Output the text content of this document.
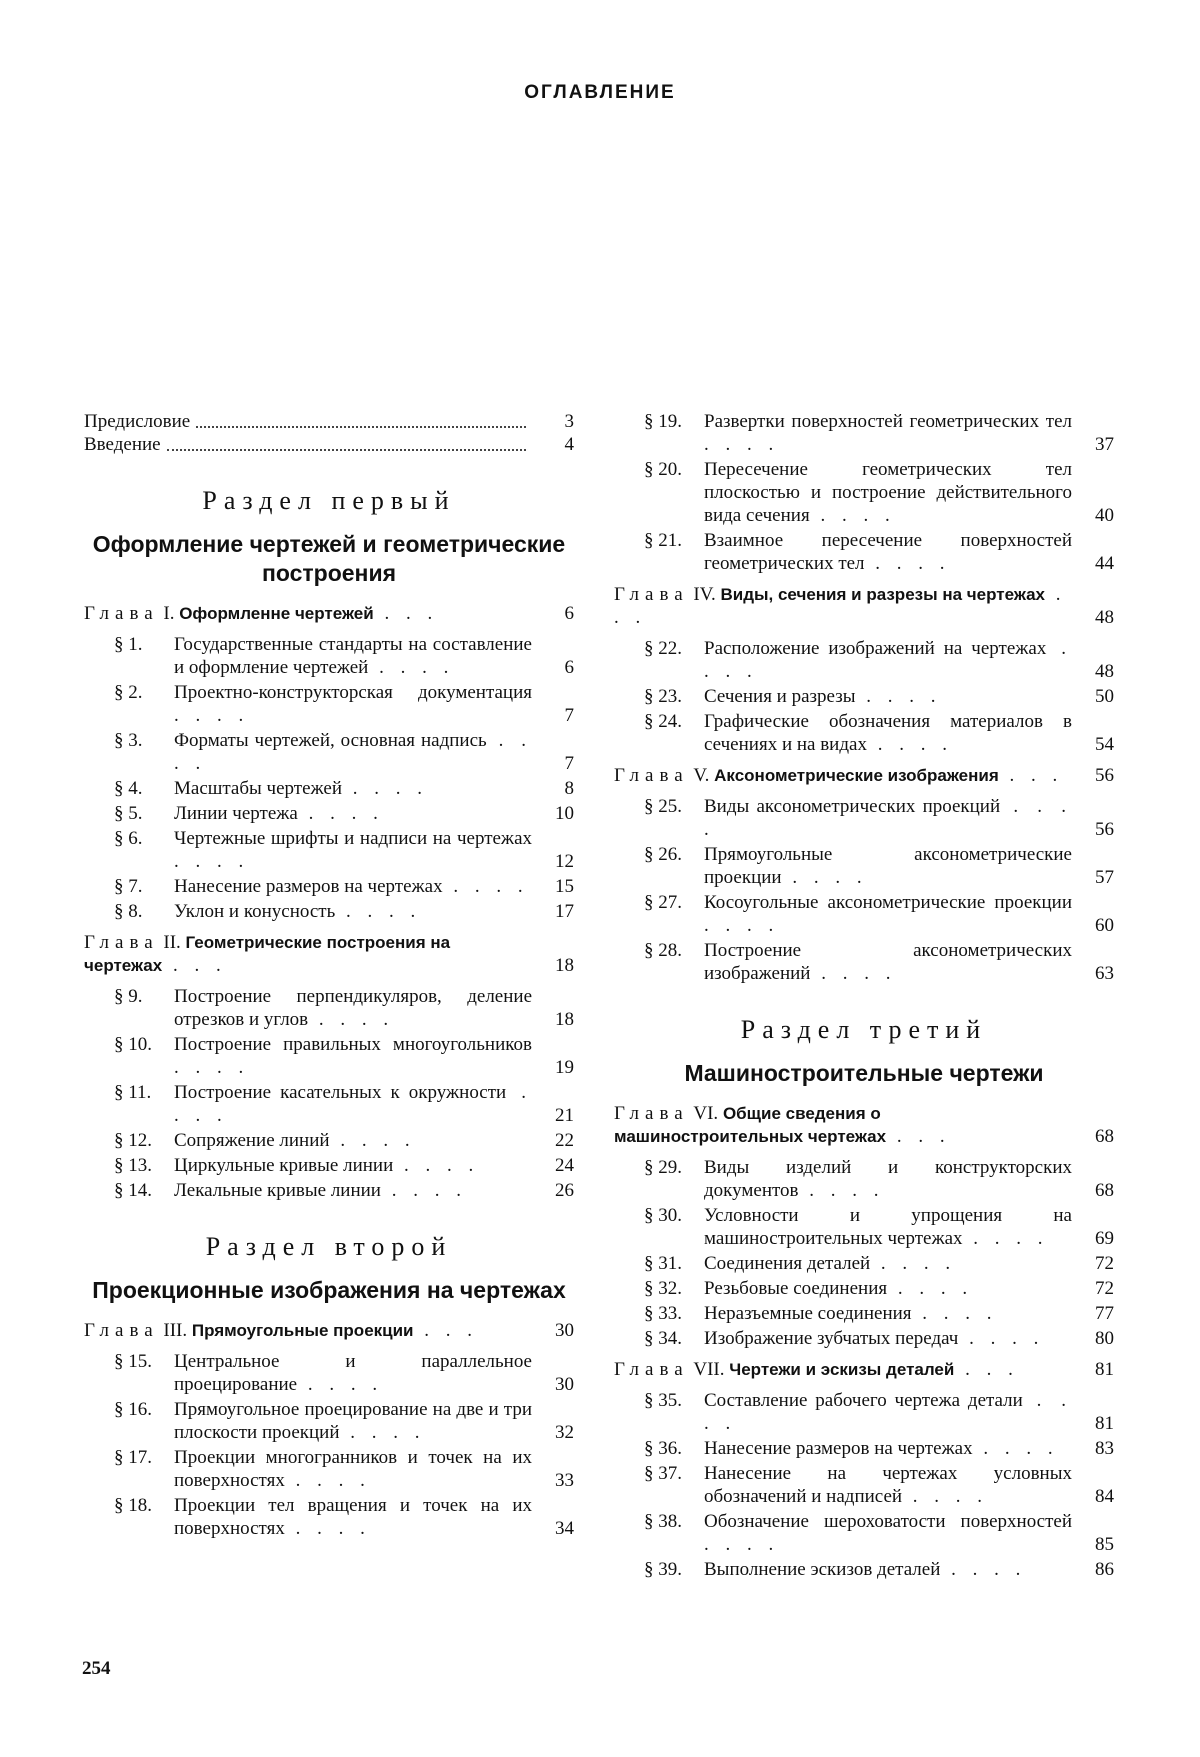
ОГЛАВЛЕНИЕ
Предисловие	3
Введение	4
Раздел первый
Оформление чертежей и геометрические построения
Глава I. Оформленне чертежей . . .	6
§ 1.	Государственные стандарты на составление и оформление чертежей . . . .	6
§ 2.	Проектно-конструкторская документация . . . .	7
§ 3.	Форматы чертежей, основная надпись . . . .	7
§ 4.	Масштабы чертежей . . . .	8
§ 5.	Линии чертежа . . . .	10
§ 6.	Чертежные шрифты и надписи на чертежах . . . .	12
§ 7.	Нанесение размеров на чертежах . . . .	15
§ 8.	Уклон и конусность . . . .	17
Глава II. Геометрические построения на чертежах . . .	18
§ 9.	Построение перпендикуляров, деление отрезков и углов . . . .	18
§ 10.	Построение правильных многоугольников . . . .	19
§ 11.	Построение касательных к окружности . . . .	21
§ 12.	Сопряжение линий . . . .	22
§ 13.	Циркульные кривые линии . . . .	24
§ 14.	Лекальные кривые линии . . . .	26
Раздел второй
Проекционные изображения на чертежах
Глава III. Прямоугольные проекции . . .	30
§ 15.	Центральное и параллельное проецирование . . . .	30
§ 16.	Прямоугольное проецирование на две и три плоскости проекций . . . .	32
§ 17.	Проекции многогранников и точек на их поверхностях . . . .	33
§ 18.	Проекции тел вращения и точек на их поверхностях . . . .	34
§ 19.	Развертки поверхностей геометрических тел . . . .	37
§ 20.	Пересечение геометрических тел плоскостью и построение действительного вида сечения . . . .	40
§ 21.	Взаимное пересечение поверхностей геометрических тел . . . .	44
Глава IV. Виды, сечения и разрезы на чертежах . . .	48
§ 22.	Расположение изображений на чертежах . . . .	48
§ 23.	Сечения и разрезы . . . .	50
§ 24.	Графические обозначения материалов в сечениях и на видах . . . .	54
Глава V. Аксонометрические изображения . . .	56
§ 25.	Виды аксонометрических проекций . . . .	56
§ 26.	Прямоугольные аксонометрические проекции . . . .	57
§ 27.	Косоугольные аксонометрические проекции . . . .	60
§ 28.	Построение аксонометрических изображений . . . .	63
Раздел третий
Машиностроительные чертежи
Глава VI. Общие сведения о машиностроительных чертежах . . .	68
§ 29.	Виды изделий и конструкторских документов . . . .	68
§ 30.	Условности и упрощения на машиностроительных чертежах . . . .	69
§ 31.	Соединения деталей . . . .	72
§ 32.	Резьбовые соединения . . . .	72
§ 33.	Неразъемные соединения . . . .	77
§ 34.	Изображение зубчатых передач . . . .	80
Глава VII. Чертежи и эскизы деталей . . .	81
§ 35.	Составление рабочего чертежа детали . . . .	81
§ 36.	Нанесение размеров на чертежах . . . .	83
§ 37.	Нанесение на чертежах условных обозначений и надписей . . . .	84
§ 38.	Обозначение шероховатости поверхностей . . . .	85
§ 39.	Выполнение эскизов деталей . . . .	86
254
